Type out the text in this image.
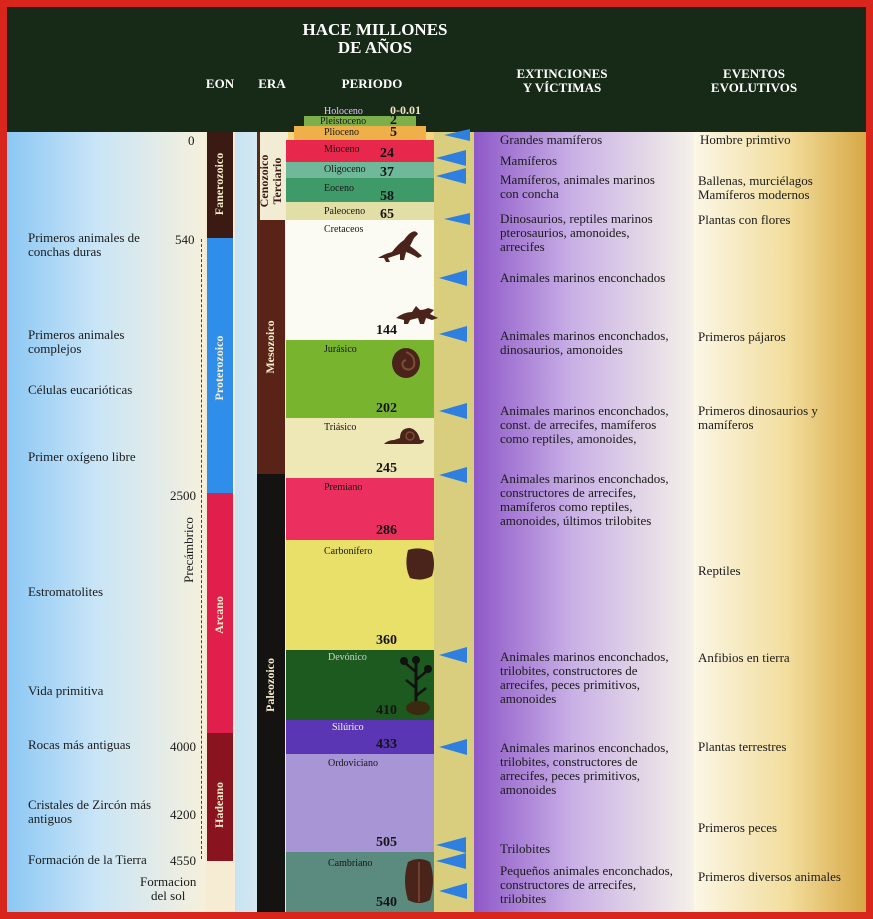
HACE MILLONES
DE AÑOS
EON	ERA	PERIODO
EXTINCIONES
Y VÍCTIMAS
EVENTOS
EVOLUTIVOS
Fanerozoico
Proterozoico
Arcano
Hadeano
Precámbrico
Cenozoico
Terciario
Mesozoico
Paleozoico
Holoceno
Pleistoceno
Plioceno
Mioceno
Oligoceno
Eoceno
Paleoceno
Cretaceos
Jurásico
Triásico
Premiano
Carbonífero
Devónico
Silúrico
Ordoviciano
Cambriano
0-0.01
2
5
24
37
58
65
144
202
245
286
360
410
433
505
540
0
540
2500
4000
4200
4550
Primeros animales de
conchas duras
Primeros animales
complejos
Células eucarióticas
Primer oxígeno libre
Estromatolites
Vida primitiva
Rocas más antiguas
Cristales de Zircón más
antiguos
Formación de la Tierra
Formacion
del sol
Grandes mamíferos
Mamíferos
Mamíferos, animales marinos
con concha
Dinosaurios, reptiles marinos
pterosaurios, amonoides,
arrecifes
Animales marinos enconchados
Animales marinos enconchados,
dinosaurios, amonoides
Animales marinos enconchados,
const. de arrecifes, mamíferos
como reptiles, amonoides,
Animales marinos enconchados,
constructores de arrecifes,
mamíferos como reptiles,
amonoides, últimos trilobites
Animales marinos enconchados,
trilobites, constructores de
arrecifes, peces primitivos,
amonoides
Animales marinos enconchados,
trilobites, constructores de
arrecifes, peces primitivos,
amonoides
Trilobites
Pequeños animales enconchados,
constructores de arrecifes,
trilobites
Hombre primtivo
Ballenas, murciélagos
Mamíferos modernos
Plantas con flores
Primeros pájaros
Primeros dinosaurios y
mamíferos
Reptiles
Anfibios en tierra
Plantas terrestres
Primeros peces
Primeros diversos animales
